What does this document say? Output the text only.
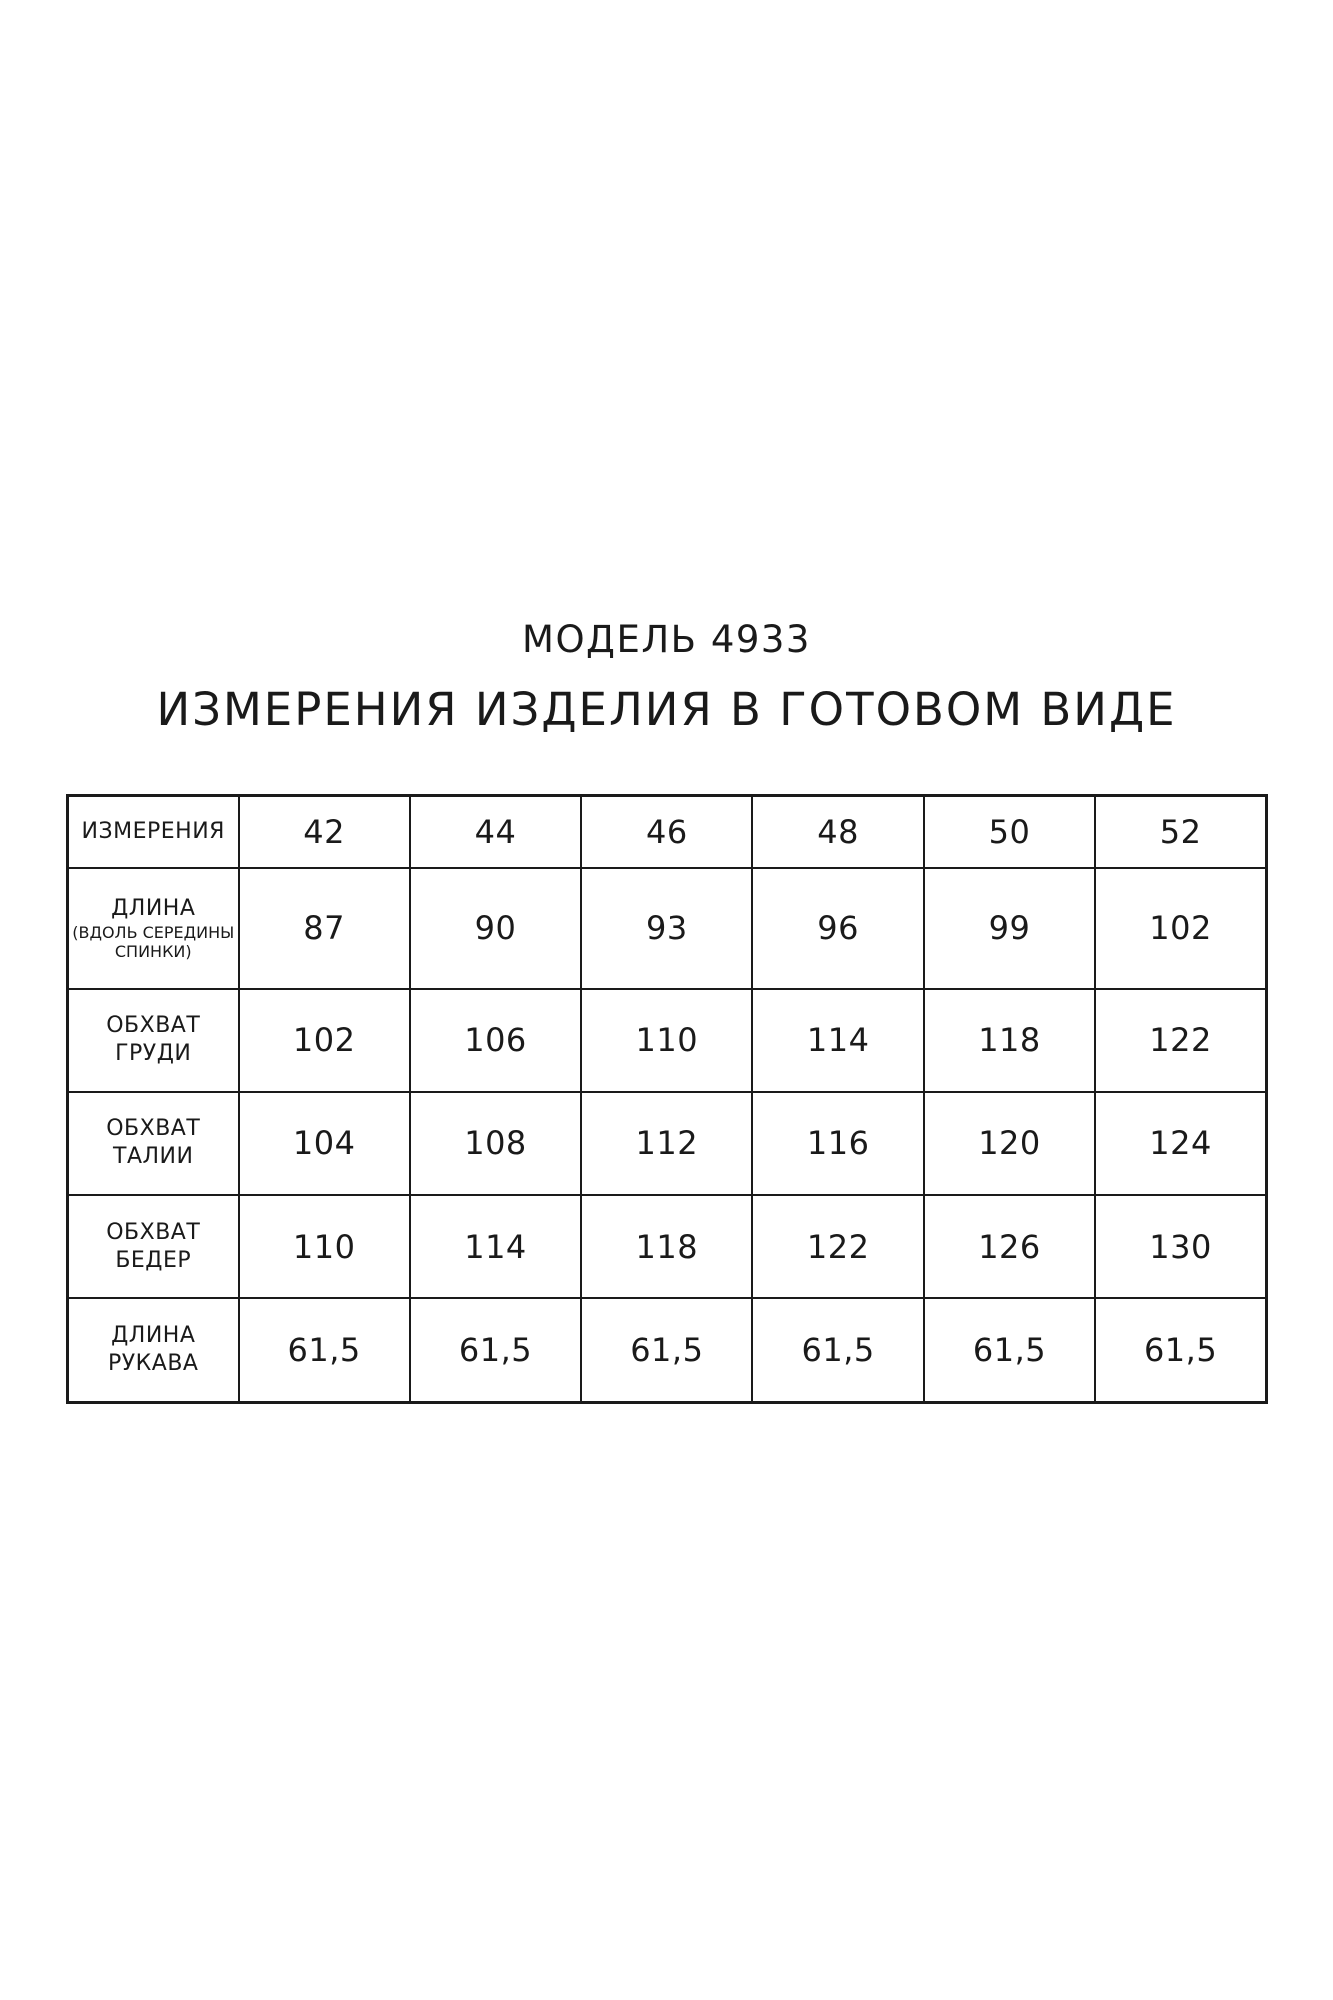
МОДЕЛЬ 4933
ИЗМЕРЕНИЯ ИЗДЕЛИЯ В ГОТОВОМ ВИДЕ
ИЗМЕРЕНИЯ	42	44	46	48	50	52
ДЛИНА
(ВДОЛЬ СЕРЕДИНЫ СПИНКИ)	87	90	93	96	99	102
ОБХВАТ
ГРУДИ	102	106	110	114	118	122
ОБХВАТ
ТАЛИИ	104	108	112	116	120	124
ОБХВАТ
БЕДЕР	110	114	118	122	126	130
ДЛИНА
РУКАВА	61,5	61,5	61,5	61,5	61,5	61,5
